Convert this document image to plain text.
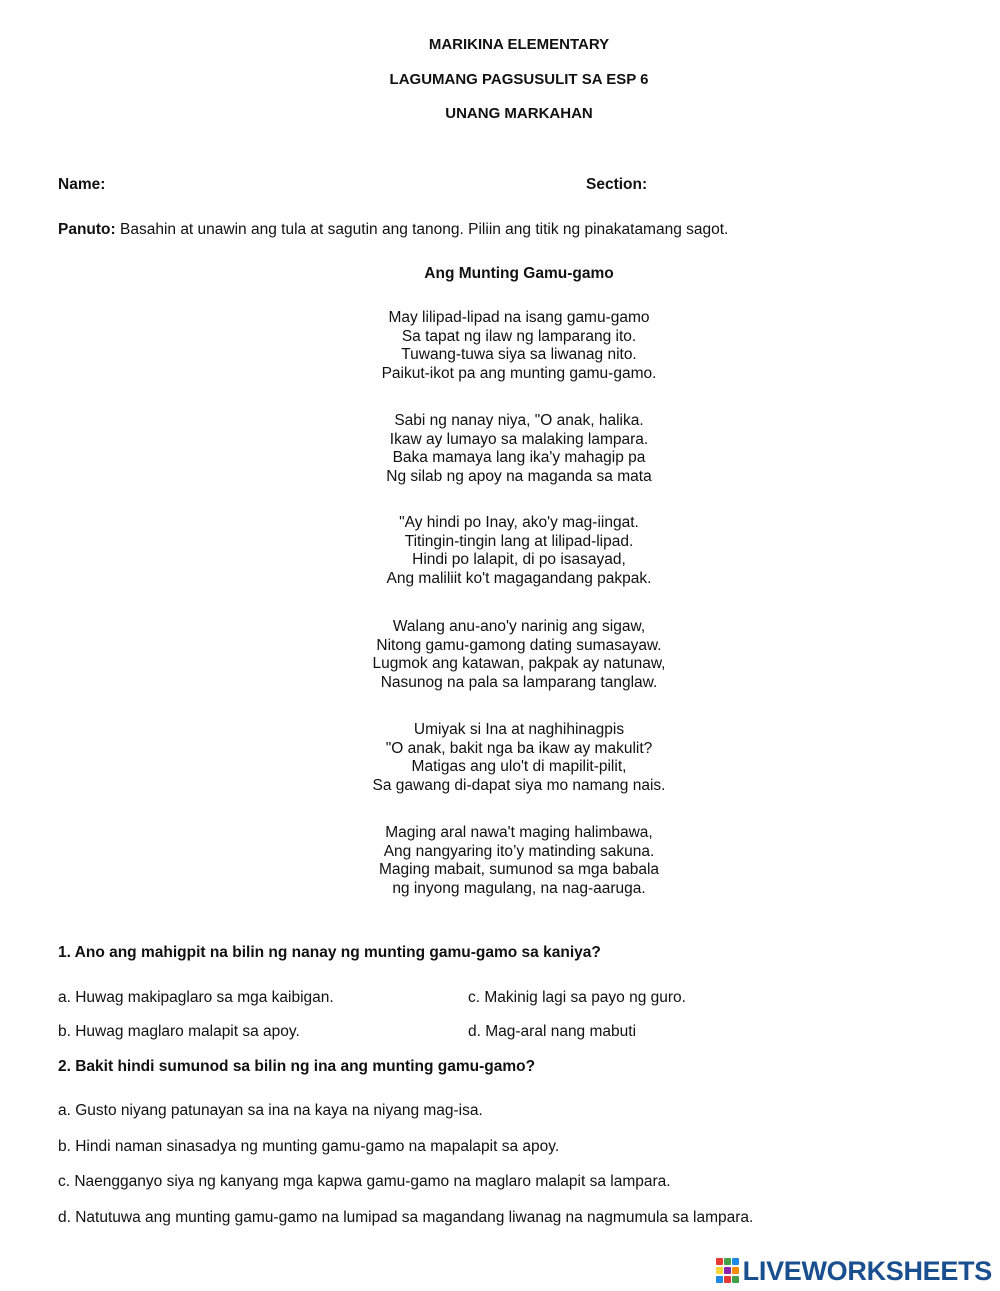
MARIKINA ELEMENTARY
LAGUMANG PAGSUSULIT SA ESP 6
UNANG MARKAHAN
Name:	Section:
Panuto: Basahin at unawin ang tula at sagutin ang tanong. Piliin ang titik ng pinakatamang sagot.
Ang Munting Gamu-gamo
May lilipad-lipad na isang gamu-gamo
Sa tapat ng ilaw ng lamparang ito.
Tuwang-tuwa siya sa liwanag nito.
Paikut-ikot pa ang munting gamu-gamo.
Sabi ng nanay niya, "O anak, halika.
Ikaw ay lumayo sa malaking lampara.
Baka mamaya lang ika'y mahagip pa
Ng silab ng apoy na maganda sa mata
"Ay hindi po Inay, ako'y mag-iingat.
Titingin-tingin lang at lilipad-lipad.
Hindi po lalapit, di po isasayad,
Ang maliliit ko't magagandang pakpak.
Walang anu-ano'y narinig ang sigaw,
Nitong gamu-gamong dating sumasayaw.
Lugmok ang katawan, pakpak ay natunaw,
Nasunog na pala sa lamparang tanglaw.
Umiyak si Ina at naghihinagpis
"O anak, bakit nga ba ikaw ay makulit?
Matigas ang ulo't di mapilit-pilit,
Sa gawang di-dapat siya mo namang nais.
Maging aral nawa't maging halimbawa,
Ang nangyaring ito’y matinding sakuna.
Maging mabait, sumunod sa mga babala
ng inyong magulang, na nag-aaruga.
1. Ano ang mahigpit na bilin ng nanay ng munting gamu-gamo sa kaniya?
a. Huwag makipaglaro sa mga kaibigan.	c. Makinig lagi sa payo ng guro.
b. Huwag maglaro malapit sa apoy.	d. Mag-aral nang mabuti
2. Bakit hindi sumunod sa bilin ng ina ang munting gamu-gamo?
a. Gusto niyang patunayan sa ina na kaya na niyang mag-isa.
b. Hindi naman sinasadya ng munting gamu-gamo na mapalapit sa apoy.
c. Naengganyo siya ng kanyang mga kapwa gamu-gamo na maglaro malapit sa lampara.
d. Natutuwa ang munting gamu-gamo na lumipad sa magandang liwanag na nagmumula sa lampara.
LIVEWORKSHEETS
